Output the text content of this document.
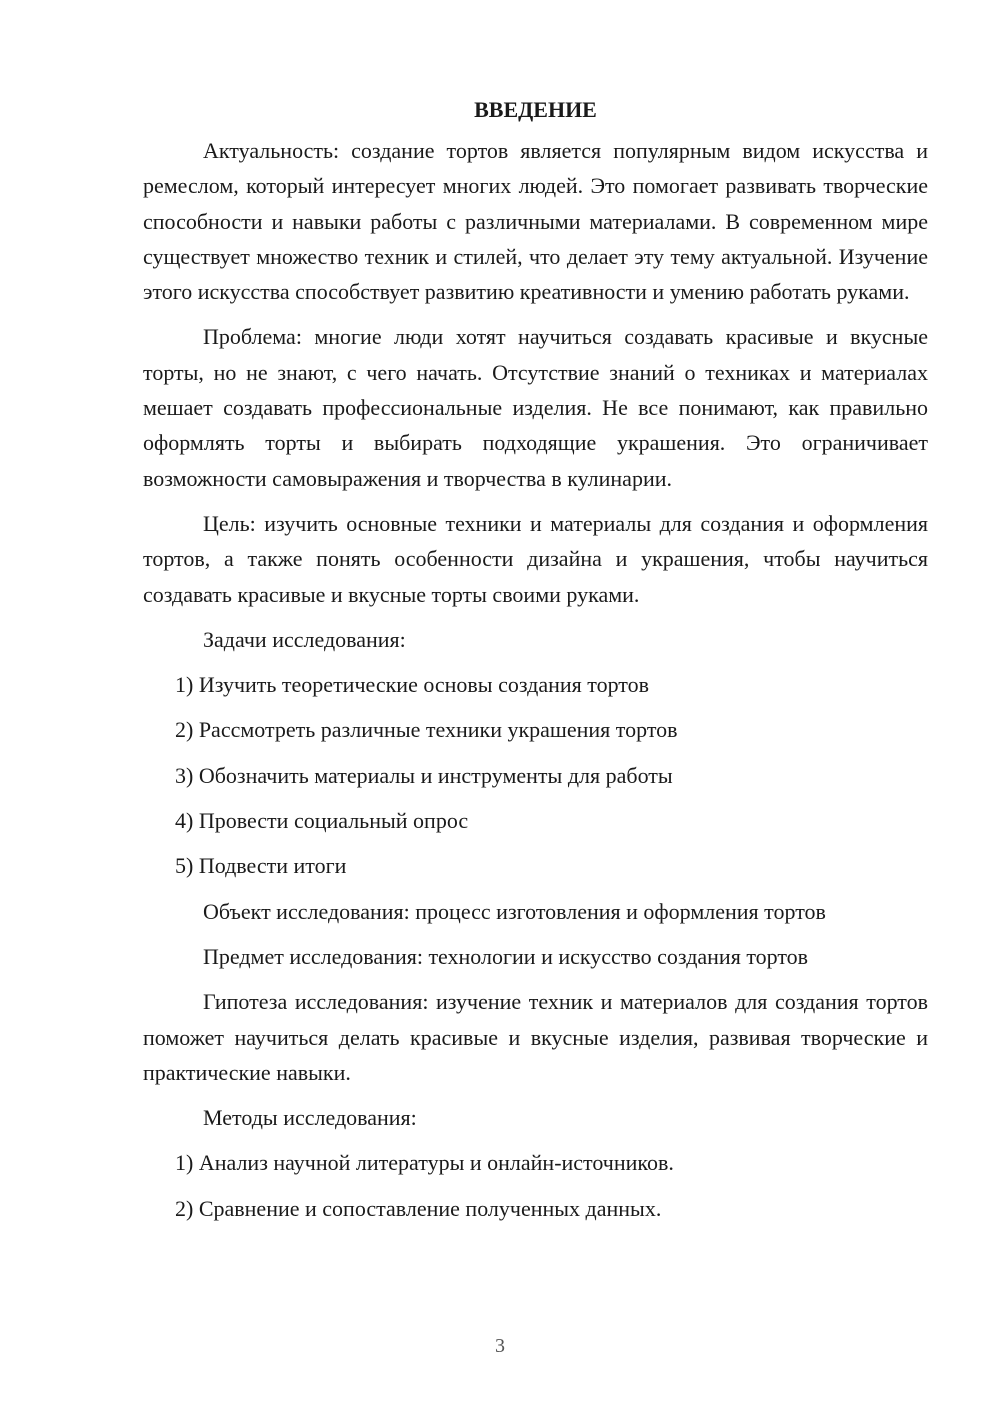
ВВЕДЕНИЕ

Актуальность: создание тортов является популярным видом искусства и ремеслом, который интересует многих людей. Это помогает развивать творческие способности и навыки работы с различными материалами. В современном мире существует множество техник и стилей, что делает эту тему актуальной. Изучение этого искусства способствует развитию креативности и умению работать руками.

Проблема: многие люди хотят научиться создавать красивые и вкусные торты, но не знают, с чего начать. Отсутствие знаний о техниках и материалах мешает создавать профессиональные изделия. Не все понимают, как правильно оформлять торты и выбирать подходящие украшения. Это ограничивает возможности самовыражения и творчества в кулинарии.

Цель: изучить основные техники и материалы для создания и оформления тортов, а также понять особенности дизайна и украшения, чтобы научиться создавать красивые и вкусные торты своими руками.

Задачи исследования:
1) Изучить теоретические основы создания тортов
2) Рассмотреть различные техники украшения тортов
3) Обозначить материалы и инструменты для работы
4) Провести социальный опрос
5) Подвести итоги
Объект исследования: процесс изготовления и оформления тортов
Предмет исследования: технологии и искусство создания тортов

Гипотеза исследования: изучение техник и материалов для создания тортов поможет научиться делать красивые и вкусные изделия, развивая творческие и практические навыки.

Методы исследования:
1) Анализ научной литературы и онлайн-источников.
2) Сравнение и сопоставление полученных данных.
3
